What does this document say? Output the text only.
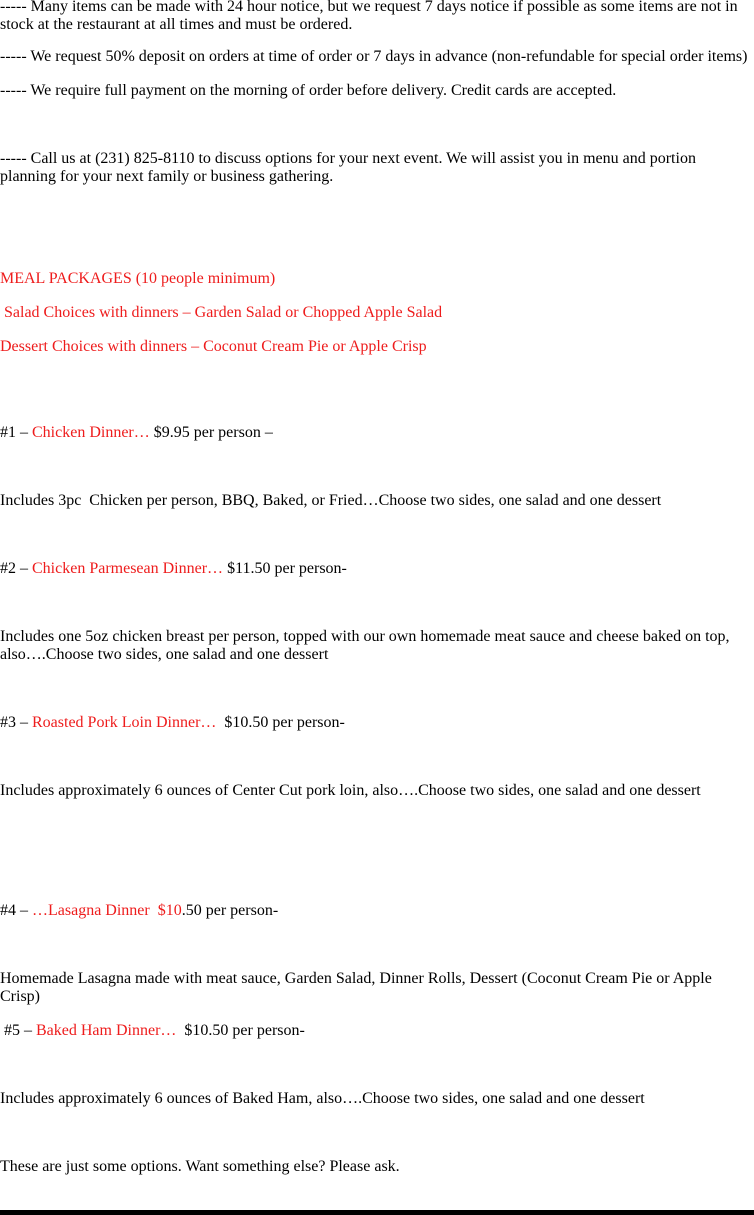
----- Many items can be made with 24 hour notice, but we request 7 days notice if possible as some items are not in stock at the restaurant at all times and must be ordered.
----- We request 50% deposit on orders at time of order or 7 days in advance (non-refundable for special order items)
----- We require full payment on the morning of order before delivery. Credit cards are accepted.
----- Call us at (231) 825-8110 to discuss options for your next event. We will assist you in menu and portion planning for your next family or business gathering.
MEAL PACKAGES (10 people minimum)
Salad Choices with dinners – Garden Salad or Chopped Apple Salad
Dessert Choices with dinners – Coconut Cream Pie or Apple Crisp
#1 – Chicken Dinner… $9.95 per person –
Includes 3pc  Chicken per person, BBQ, Baked, or Fried…Choose two sides, one salad and one dessert
#2 – Chicken Parmesean Dinner… $11.50 per person-
Includes one 5oz chicken breast per person, topped with our own homemade meat sauce and cheese baked on top, also….Choose two sides, one salad and one dessert
#3 – Roasted Pork Loin Dinner…  $10.50 per person-
Includes approximately 6 ounces of Center Cut pork loin, also….Choose two sides, one salad and one dessert
#4 – …Lasagna Dinner  $10.50 per person-
Homemade Lasagna made with meat sauce, Garden Salad, Dinner Rolls, Dessert (Coconut Cream Pie or Apple Crisp)
#5 – Baked Ham Dinner…  $10.50 per person-
Includes approximately 6 ounces of Baked Ham, also….Choose two sides, one salad and one dessert
These are just some options. Want something else? Please ask.
